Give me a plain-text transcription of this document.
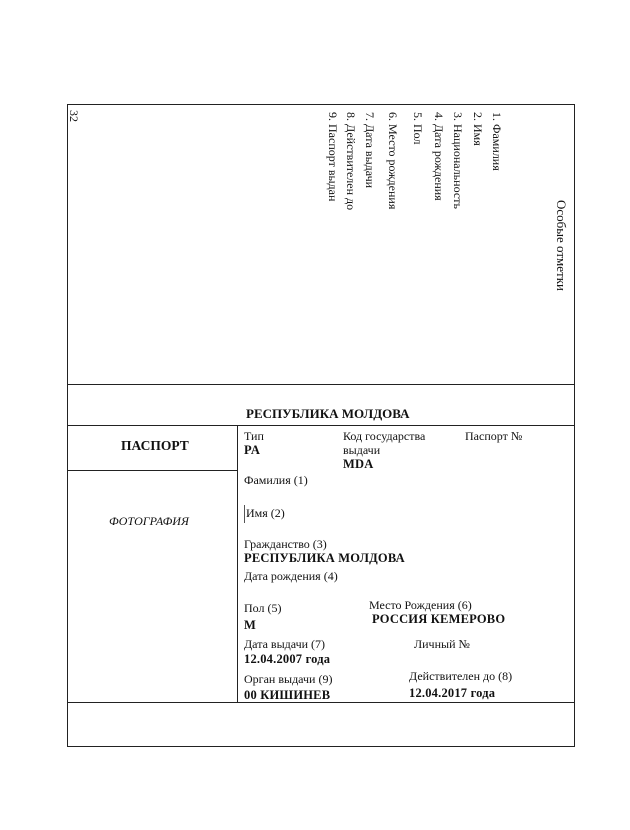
32
Особые отметки
1. Фамилия
2. Имя
3. Национальность
4. Дата рождения
5. Пол
6. Место рождения
7. Дата выдачи
8. Действителен до
9. Паспорт выдан
РЕСПУБЛИКА МОЛДОВА
ПАСПОРТ
ФОТОГРАФИЯ
Тип
PA
Код государства
выдачи
MDA
Паспорт №
Фамилия (1)
Имя (2)
Гражданство (3)
РЕСПУБЛИКА МОЛДОВА
Дата рождения (4)
Пол (5)
М
Место Рождения (6)
РОССИЯ КЕМЕРОВО
Дата выдачи (7)
12.04.2007 года
Личный №
Орган выдачи (9)
00 КИШИНЕВ
Действителен до (8)
12.04.2017 года
